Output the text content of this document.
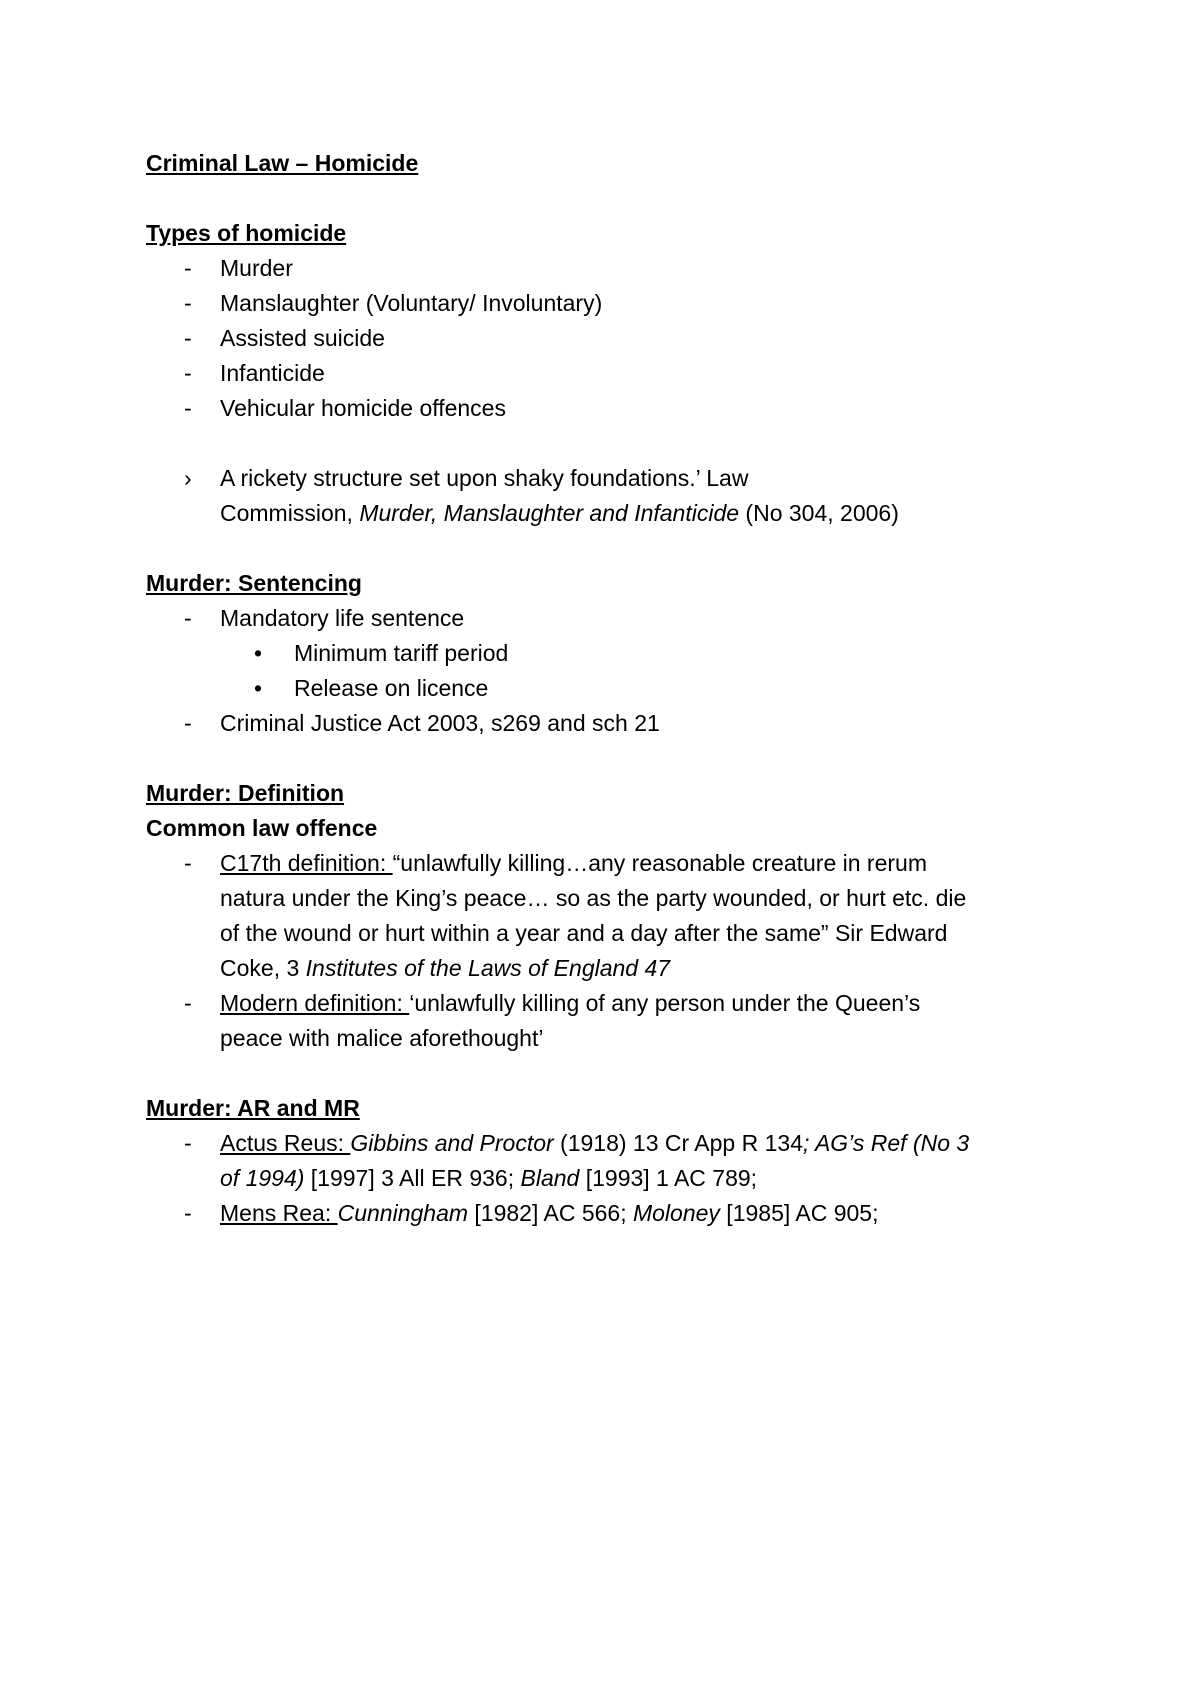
Criminal Law – Homicide
Types of homicide
-	Murder
-	Manslaughter (Voluntary/ Involuntary)
-	Assisted suicide
-	Infanticide
-	Vehicular homicide offences
›	A rickety structure set upon shaky foundations.’ Law
Commission, Murder, Manslaughter and Infanticide (No 304, 2006)
Murder: Sentencing
-	Mandatory life sentence
•	Minimum tariff period
•	Release on licence
-	Criminal Justice Act 2003, s269 and sch 21
Murder: Definition
Common law offence
-	C17th definition: “unlawfully killing…any reasonable creature in rerum
natura under the King’s peace… so as the party wounded, or hurt etc. die
of the wound or hurt within a year and a day after the same” Sir Edward
Coke, 3 Institutes of the Laws of England 47
-	Modern definition: ‘unlawfully killing of any person under the Queen’s
peace with malice aforethought’
Murder: AR and MR
-	Actus Reus: Gibbins and Proctor (1918) 13 Cr App R 134; AG’s Ref (No 3
of 1994) [1997] 3 All ER 936; Bland [1993] 1 AC 789;
-	Mens Rea: Cunningham [1982] AC 566; Moloney [1985] AC 905;
